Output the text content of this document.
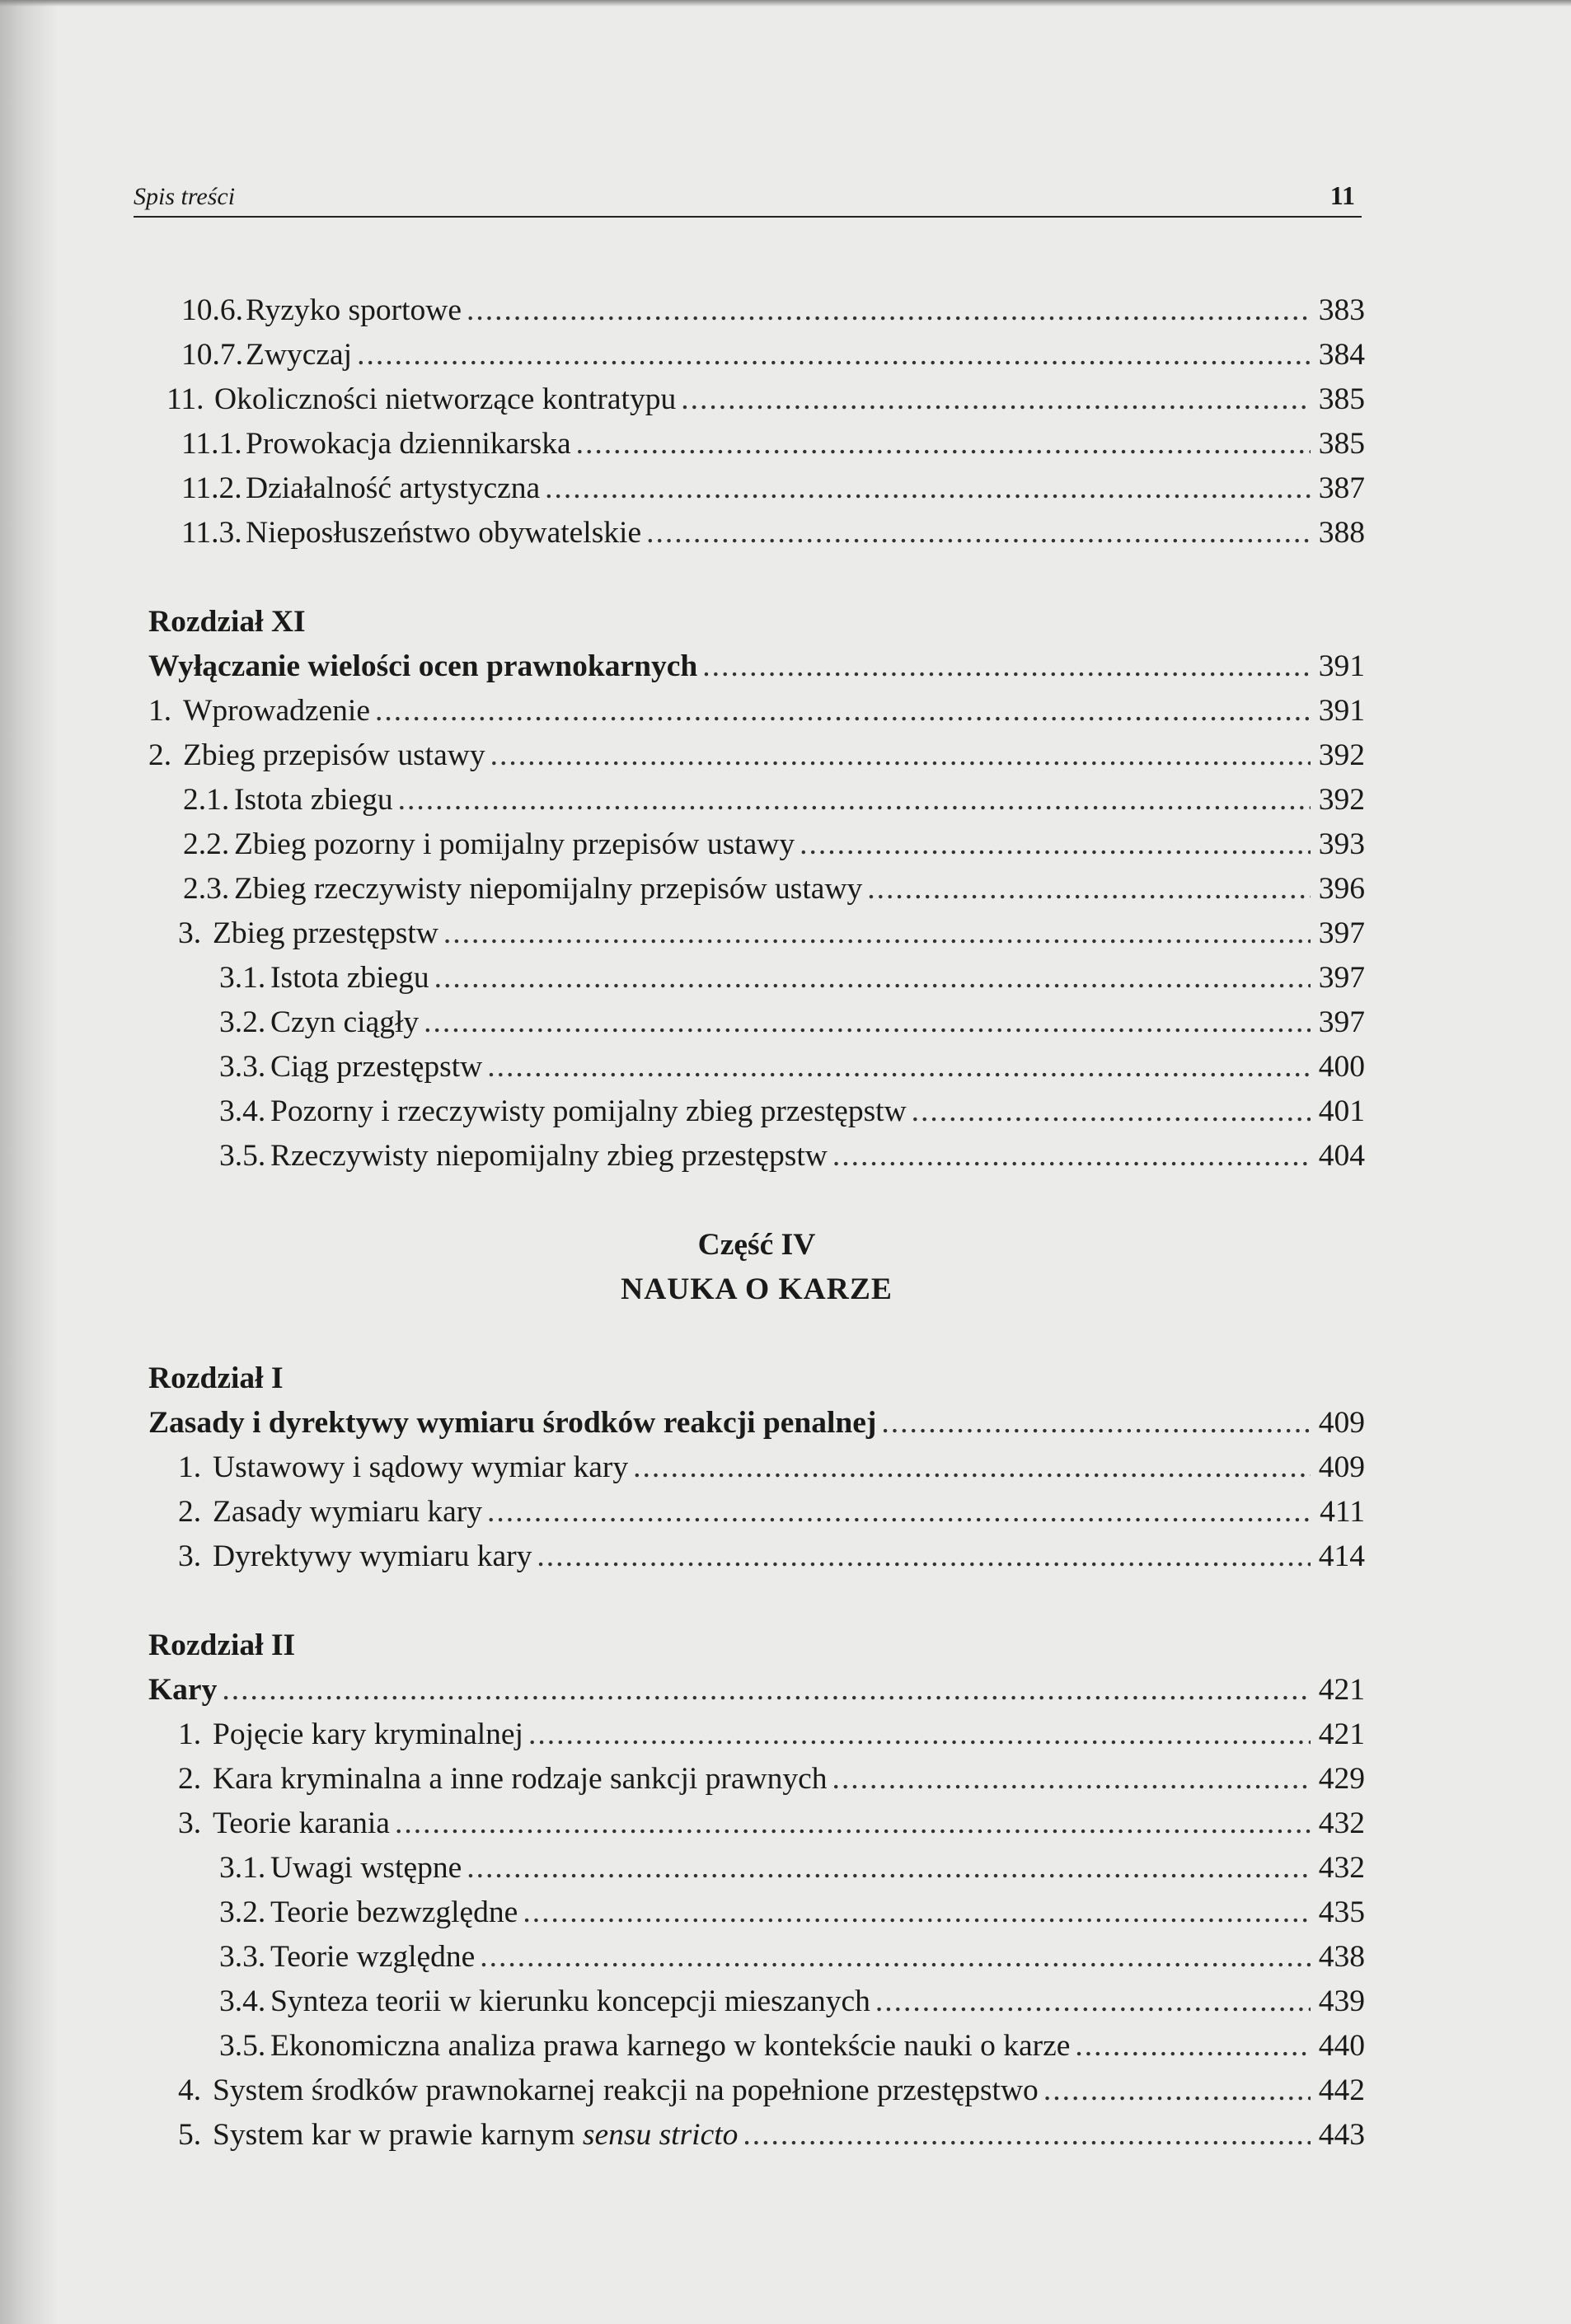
Spis treści	11
10.6. Ryzyko sportowe .....	383
10.7. Zwyczaj .....	384
11. Okoliczności nietworzące kontratypu .....	385
11.1. Prowokacja dziennikarska .....	385
11.2. Działalność artystyczna .....	387
11.3. Nieposłuszeństwo obywatelskie .....	388
Rozdział XI
Wyłączanie wielości ocen prawnokarnych .....	391
1. Wprowadzenie .....	391
2. Zbieg przepisów ustawy .....	392
2.1. Istota zbiegu .....	392
2.2. Zbieg pozorny i pomijalny przepisów ustawy .....	393
2.3. Zbieg rzeczywisty niepomijalny przepisów ustawy .....	396
3. Zbieg przestępstw .....	397
3.1. Istota zbiegu .....	397
3.2. Czyn ciągły .....	397
3.3. Ciąg przestępstw .....	400
3.4. Pozorny i rzeczywisty pomijalny zbieg przestępstw .....	401
3.5. Rzeczywisty niepomijalny zbieg przestępstw .....	404
Część IV
NAUKA O KARZE
Rozdział I
Zasady i dyrektywy wymiaru środków reakcji penalnej .....	409
1. Ustawowy i sądowy wymiar kary .....	409
2. Zasady wymiaru kary .....	411
3. Dyrektywy wymiaru kary .....	414
Rozdział II
Kary .....	421
1. Pojęcie kary kryminalnej .....	421
2. Kara kryminalna a inne rodzaje sankcji prawnych .....	429
3. Teorie karania .....	432
3.1. Uwagi wstępne .....	432
3.2. Teorie bezwzględne .....	435
3.3. Teorie względne .....	438
3.4. Synteza teorii w kierunku koncepcji mieszanych .....	439
3.5. Ekonomiczna analiza prawa karnego w kontekście nauki o karze .....	440
4. System środków prawnokarnej reakcji na popełnione przestępstwo .....	442
5. System kar w prawie karnym sensu stricto .....	443
